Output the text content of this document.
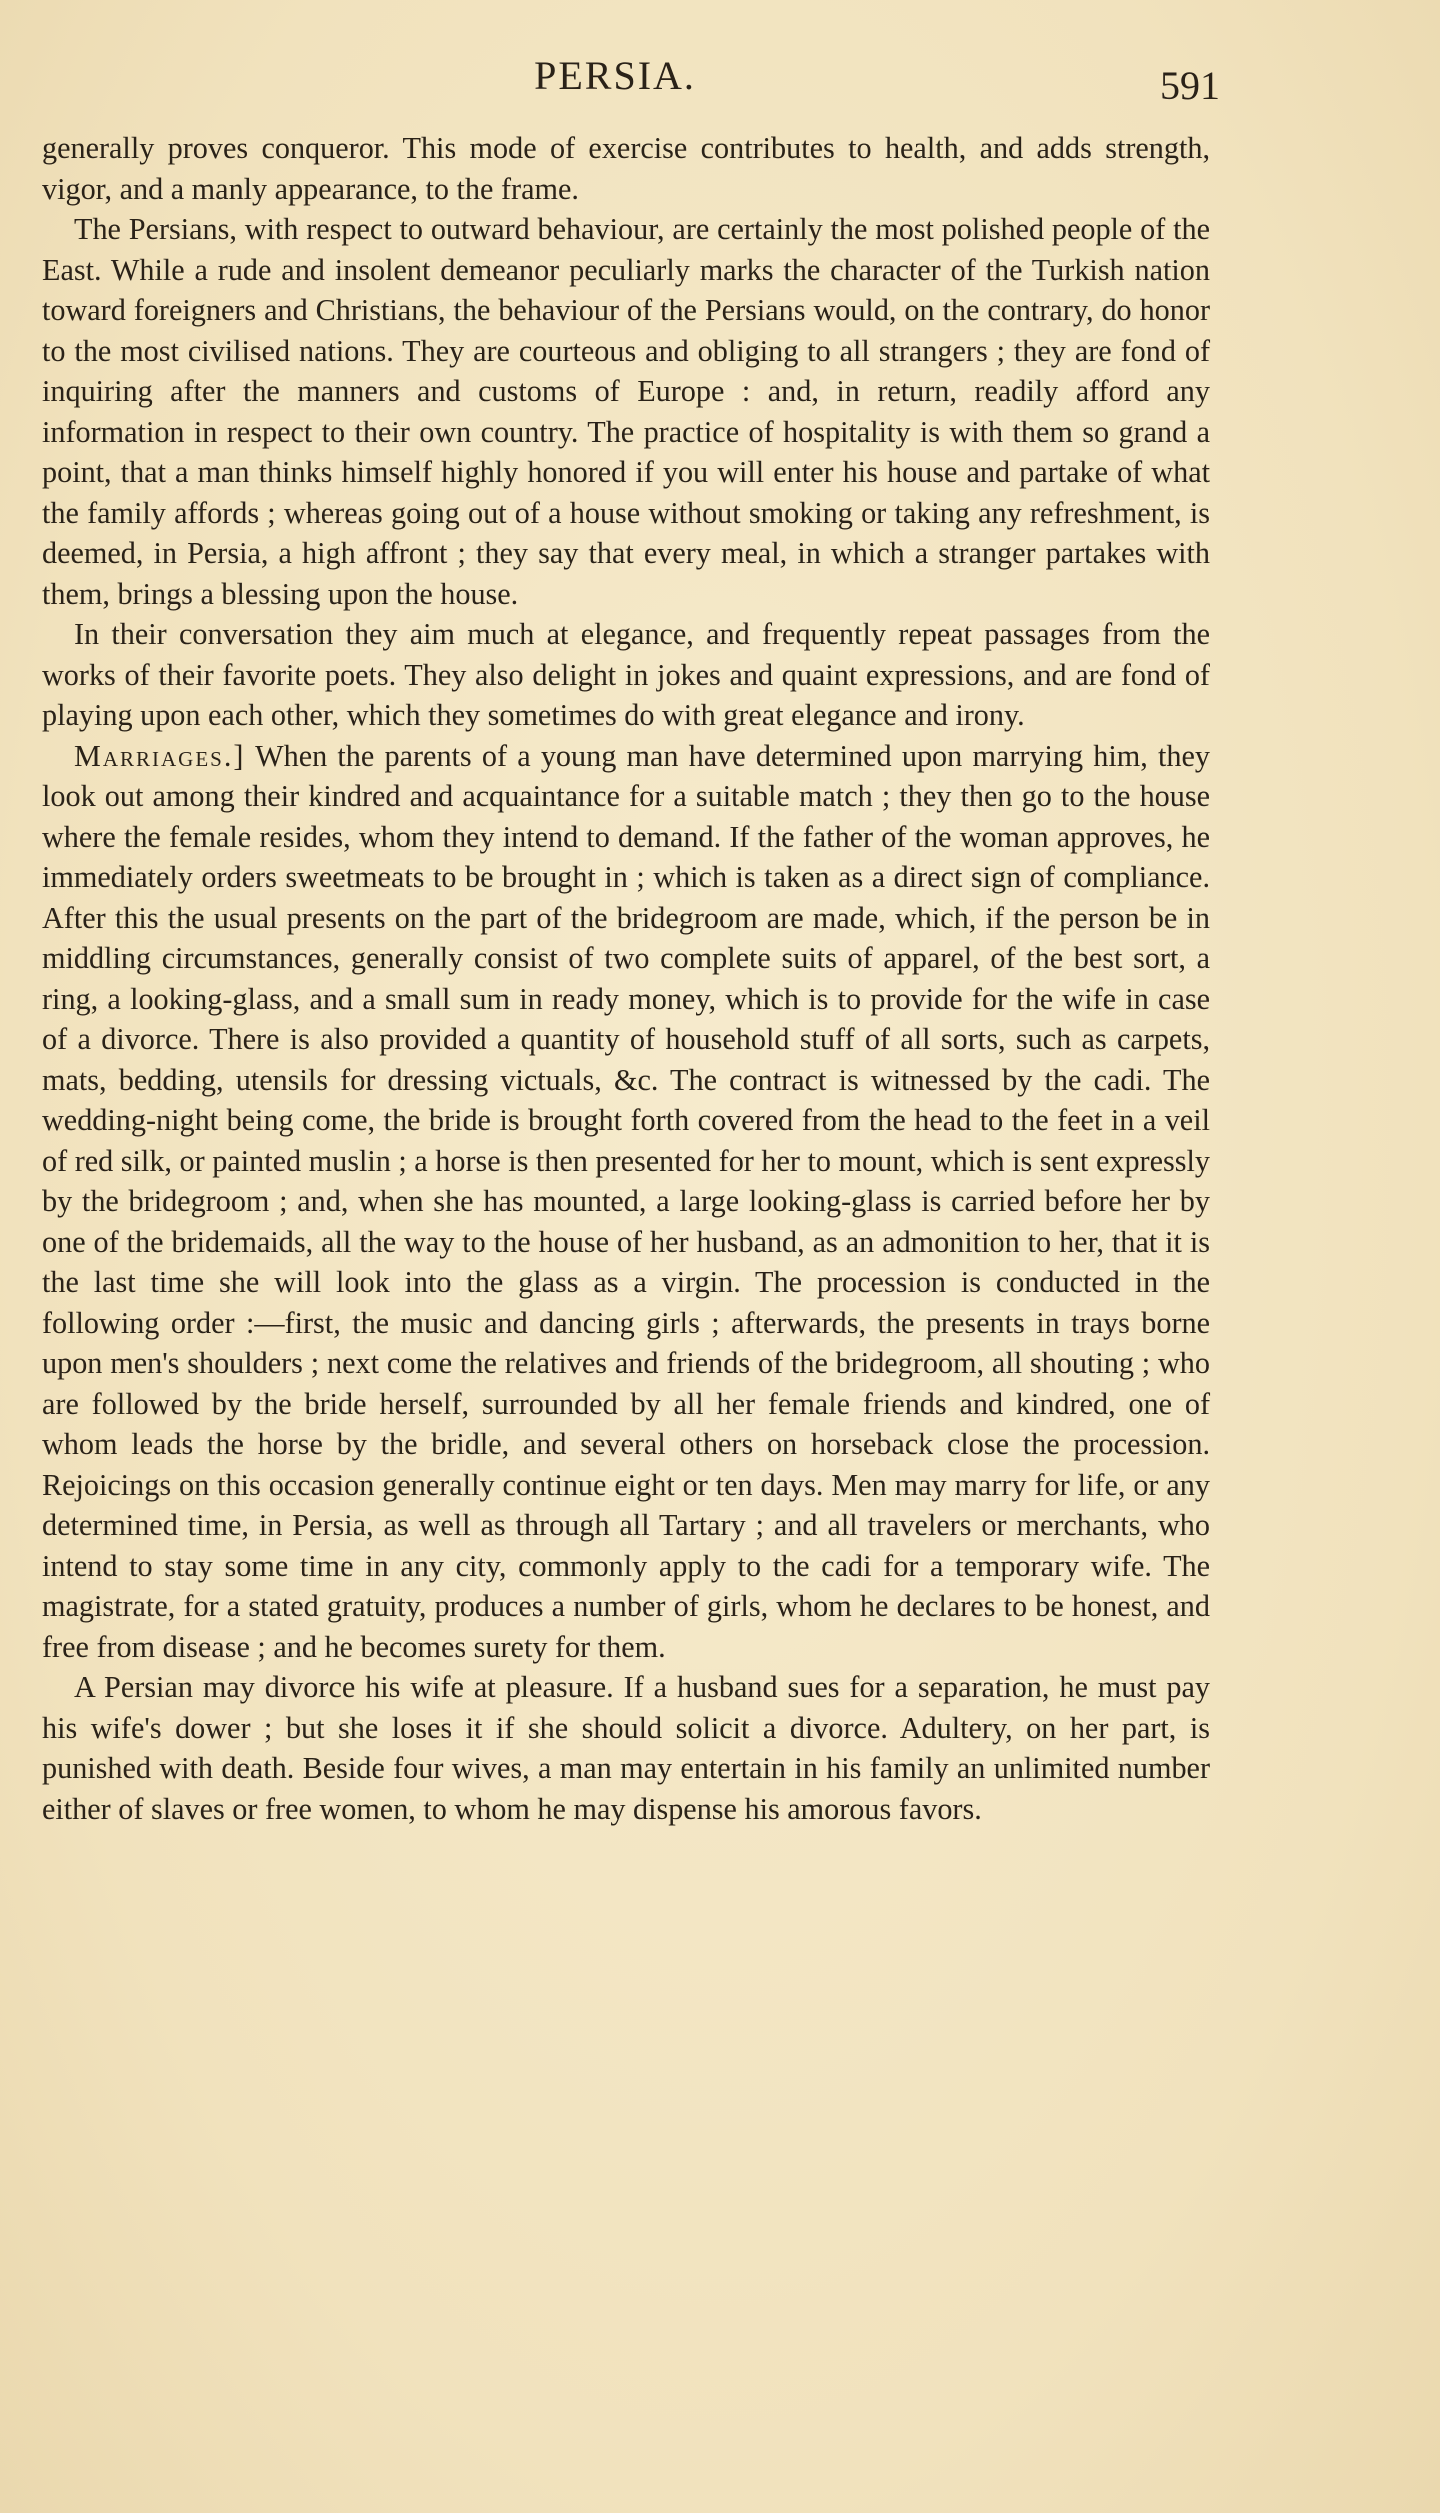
PERSIA.	591

generally proves conqueror. This mode of exercise contributes to health, and adds strength, vigor, and a manly appearance, to the frame.

The Persians, with respect to outward behaviour, are certainly the most polished people of the East. While a rude and insolent demeanor peculiarly marks the character of the Turkish nation toward foreigners and Christians, the behaviour of the Persians would, on the contrary, do honor to the most civilised nations. They are courteous and obliging to all strangers ; they are fond of inquiring after the manners and customs of Europe : and, in return, readily afford any information in respect to their own country. The practice of hospitality is with them so grand a point, that a man thinks himself highly honored if you will enter his house and partake of what the family affords ; whereas going out of a house without smoking or taking any refreshment, is deemed, in Persia, a high affront ; they say that every meal, in which a stranger partakes with them, brings a blessing upon the house.

In their conversation they aim much at elegance, and frequently repeat passages from the works of their favorite poets. They also delight in jokes and quaint expressions, and are fond of playing upon each other, which they sometimes do with great elegance and irony.

Marriages.] When the parents of a young man have determined upon marrying him, they look out among their kindred and acquaintance for a suitable match ; they then go to the house where the female resides, whom they intend to demand. If the father of the woman approves, he immediately orders sweetmeats to be brought in ; which is taken as a direct sign of compliance. After this the usual presents on the part of the bridegroom are made, which, if the person be in middling circumstances, generally consist of two complete suits of apparel, of the best sort, a ring, a looking-glass, and a small sum in ready money, which is to provide for the wife in case of a divorce. There is also provided a quantity of household stuff of all sorts, such as carpets, mats, bedding, utensils for dressing victuals, &c. The contract is witnessed by the cadi. The wedding-night being come, the bride is brought forth covered from the head to the feet in a veil of red silk, or painted muslin ; a horse is then presented for her to mount, which is sent expressly by the bridegroom ; and, when she has mounted, a large looking-glass is carried before her by one of the bridemaids, all the way to the house of her husband, as an admonition to her, that it is the last time she will look into the glass as a virgin. The procession is conducted in the following order :—first, the music and dancing girls ; afterwards, the presents in trays borne upon men's shoulders ; next come the relatives and friends of the bridegroom, all shouting ; who are followed by the bride herself, surrounded by all her female friends and kindred, one of whom leads the horse by the bridle, and several others on horseback close the procession. Rejoicings on this occasion generally continue eight or ten days. Men may marry for life, or any determined time, in Persia, as well as through all Tartary ; and all travelers or merchants, who intend to stay some time in any city, commonly apply to the cadi for a temporary wife. The magistrate, for a stated gratuity, produces a number of girls, whom he declares to be honest, and free from disease ; and he becomes surety for them.

A Persian may divorce his wife at pleasure. If a husband sues for a separation, he must pay his wife's dower ; but she loses it if she should solicit a divorce. Adultery, on her part, is punished with death. Beside four wives, a man may entertain in his family an unlimited number either of slaves or free women, to whom he may dispense his amorous favors.
